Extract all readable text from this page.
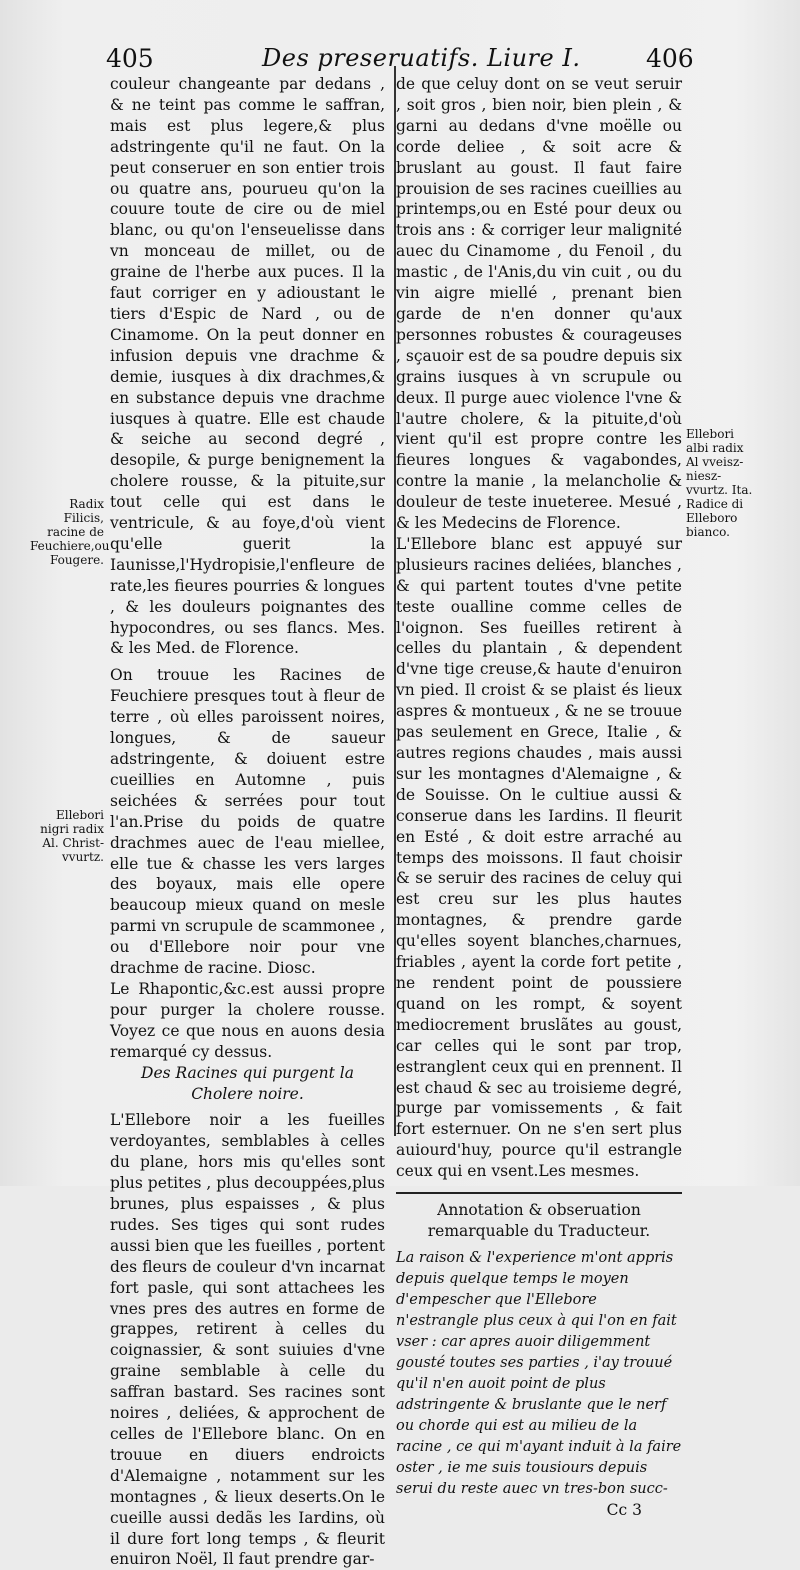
405	Des preseruatifs. Liure I.	406
Radix Filicis, racine de Feuchiere,ou Fougere.
Ellebori nigri radix Al. Christ-vvurtz.
Ellebori albi radix Al vveisz-niesz-vvurtz. Ita. Radice di Elleboro bianco.

couleur changeante par dedans , & ne teint pas comme le saffran, mais est plus legere,& plus adstringente qu'il ne faut. On la peut conseruer en son entier trois ou quatre ans, pourueu qu'on la couure toute de cire ou de miel blanc, ou qu'on l'enseuelisse dans vn monceau de millet, ou de graine de l'herbe aux puces. Il la faut corriger en y adioustant le tiers d'Espic de Nard , ou de Cinamome. On la peut donner en infusion depuis vne drachme & demie, iusques à dix drachmes,& en substance depuis vne drachme iusques à quatre. Elle est chaude & seiche au second degré , desopile, & purge benignement la cholere rousse, & la pituite,sur tout celle qui est dans le ventricule, & au foye,d'où vient qu'elle guerit la Iaunisse,l'Hydropisie,l'enfleure de rate,les fieures pourries & longues , & les douleurs poignantes des hypocondres, ou ses flancs. Mes. & les Med. de Florence.

On trouue les Racines de Feuchiere presques tout à fleur de terre , où elles paroissent noires, longues, & de saueur adstringente, & doiuent estre cueillies en Automne , puis seichées & serrées pour tout l'an.Prise du poids de quatre drachmes auec de l'eau miellee, elle tue & chasse les vers larges des boyaux, mais elle opere beaucoup mieux quand on mesle parmi vn scrupule de scammonee , ou d'Ellebore noir pour vne drachme de racine. Diosc.

Le Rhapontic,&c.est aussi propre pour purger la cholere rousse. Voyez ce que nous en auons desia remarqué cy dessus.

Des Racines qui purgent la Cholere noire.

L'Ellebore noir a les fueilles verdoyantes, semblables à celles du plane, hors mis qu'elles sont plus petites , plus decouppées,plus brunes, plus espaisses , & plus rudes. Ses tiges qui sont rudes aussi bien que les fueilles , portent des fleurs de couleur d'vn incarnat fort pasle, qui sont attachees les vnes pres des autres en forme de grappes, retirent à celles du coignassier, & sont suiuies d'vne graine semblable à celle du saffran bastard. Ses racines sont noires , deliées, & approchent de celles de l'Ellebore blanc. On en trouue en diuers endroicts d'Alemaigne , notamment sur les montagnes , & lieux deserts.On le cueille aussi dedãs les Iardins, où il dure fort long temps , & fleurit enuiron Noël, Il faut prendre gar-

de que celuy dont on se veut seruir , soit gros , bien noir, bien plein , & garni au dedans d'vne moëlle ou corde deliee , & soit acre & bruslant au goust. Il faut faire prouision de ses racines cueillies au printemps,ou en Esté pour deux ou trois ans : & corriger leur malignité auec du Cinamome , du Fenoil , du mastic , de l'Anis,du vin cuit , ou du vin aigre miellé , prenant bien garde de n'en donner qu'aux personnes robustes & courageuses , sçauoir est de sa poudre depuis six grains iusques à vn scrupule ou deux. Il purge auec violence l'vne & l'autre cholere, & la pituite,d'où vient qu'il est propre contre les fieures longues & vagabondes, contre la manie , la melancholie & douleur de teste inueteree. Mesué , & les Medecins de Florence.

L'Ellebore blanc est appuyé sur plusieurs racines deliées, blanches , & qui partent toutes d'vne petite teste oualline comme celles de l'oignon. Ses fueilles retirent à celles du plantain , & dependent d'vne tige creuse,& haute d'enuiron vn pied. Il croist & se plaist és lieux aspres & montueux , & ne se trouue pas seulement en Grece, Italie , & autres regions chaudes , mais aussi sur les montagnes d'Alemaigne , & de Souisse. On le cultiue aussi & conserue dans les Iardins. Il fleurit en Esté , & doit estre arraché au temps des moissons. Il faut choisir & se seruir des racines de celuy qui est creu sur les plus hautes montagnes, & prendre garde qu'elles soyent blanches,charnues, friables , ayent la corde fort petite , ne rendent point de poussiere quand on les rompt, & soyent mediocrement bruslãtes au goust, car celles qui le sont par trop, estranglent ceux qui en prennent. Il est chaud & sec au troisieme degré, purge par vomissements , & fait fort esternuer. On ne s'en sert plus auiourd'huy, pource qu'il estrangle ceux qui en vsent.Les mesmes.

Annotation & obseruation remarquable du Traducteur.

La raison & l'experience m'ont appris depuis quelque temps le moyen d'empescher que l'Ellebore n'estrangle plus ceux à qui l'on en fait vser : car apres auoir diligemment gousté toutes ses parties , i'ay trouué qu'il n'en auoit point de plus adstringente & bruslante que le nerf ou chorde qui est au milieu de la racine , ce qui m'ayant induit à la faire oster , ie me suis tousiours depuis serui du reste auec vn tres-bon succ-

Cc 3
